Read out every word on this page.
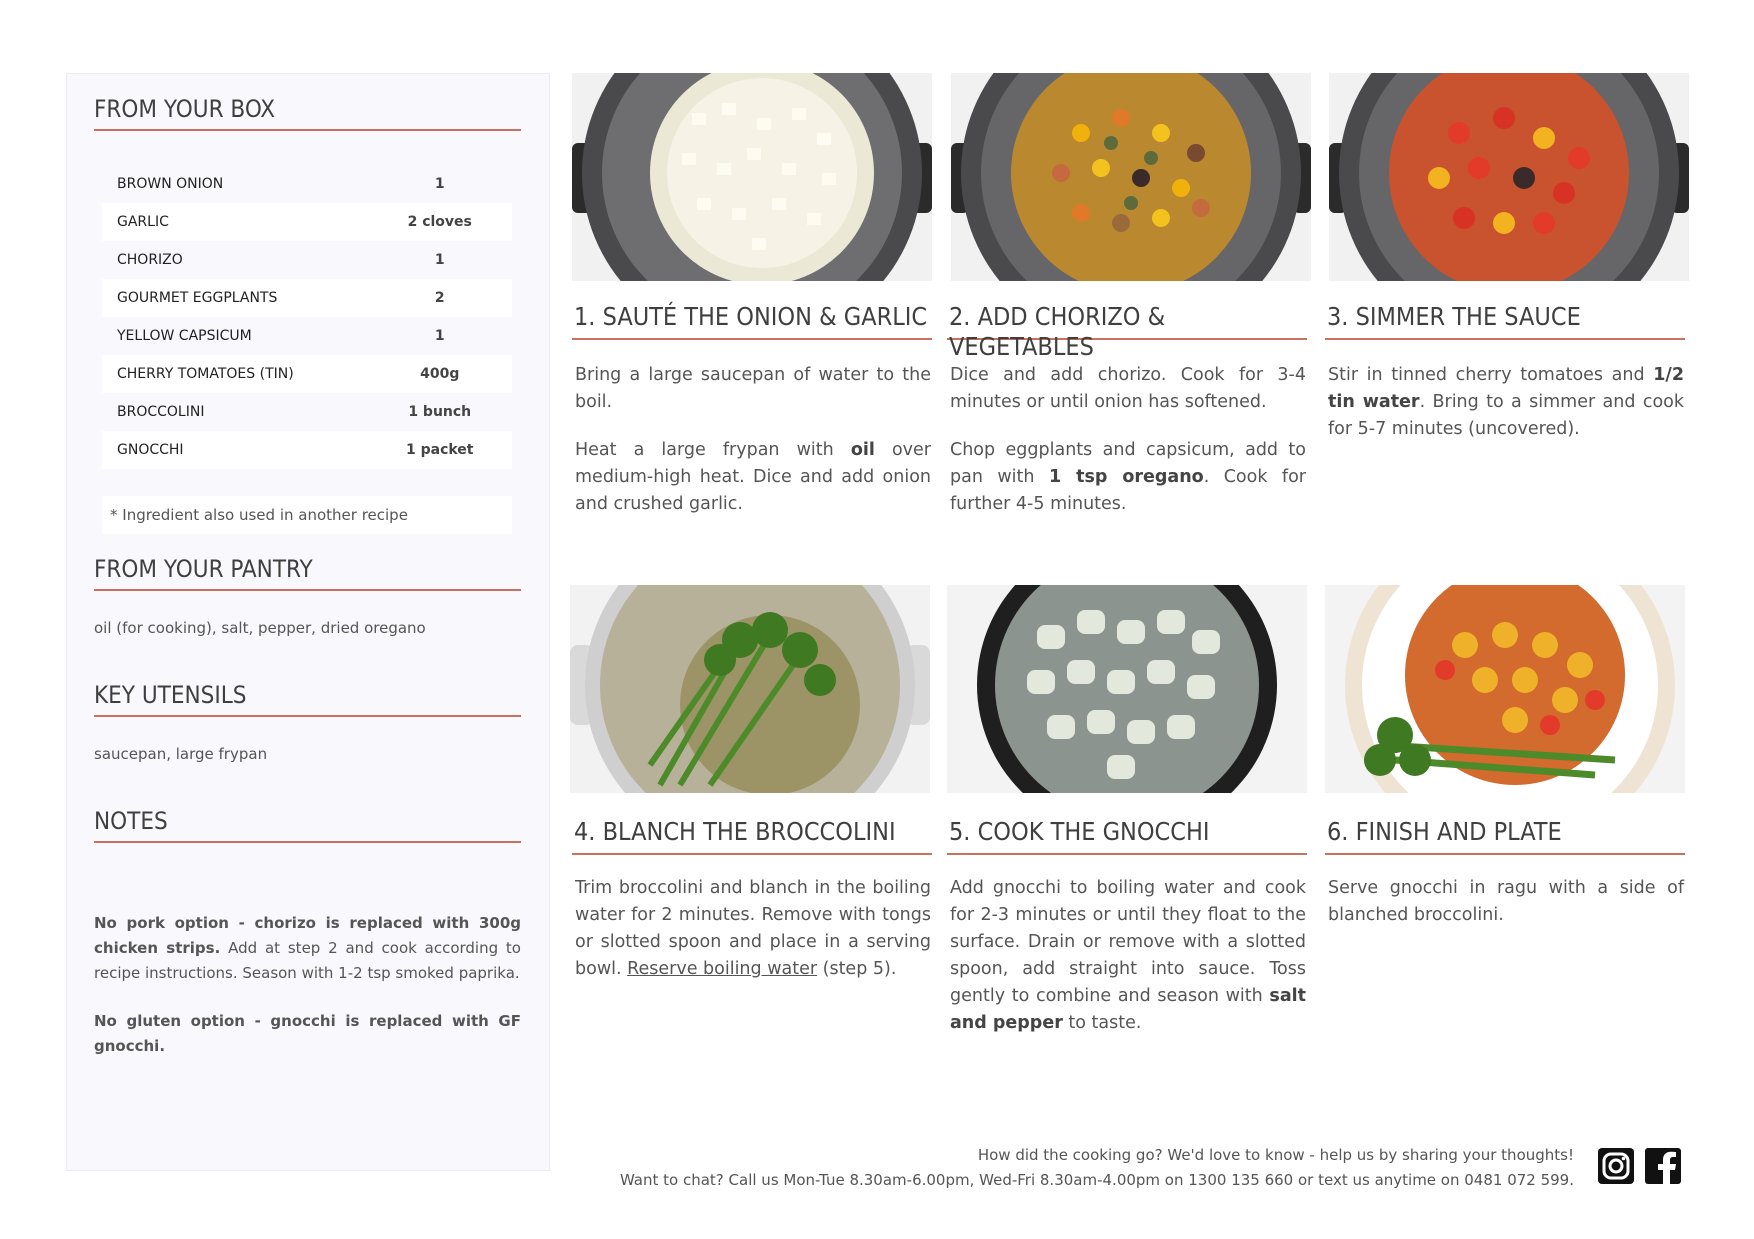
FROM YOUR BOX
BROWN ONION	1
GARLIC	2 cloves
CHORIZO	1
GOURMET EGGPLANTS	2
YELLOW CAPSICUM	1
CHERRY TOMATOES (TIN)	400g
BROCCOLINI	1 bunch
GNOCCHI	1 packet
* Ingredient also used in another recipe
FROM YOUR PANTRY
oil (for cooking), salt, pepper, dried oregano
KEY UTENSILS
saucepan, large frypan
NOTES
No pork option - chorizo is replaced with 300g chicken strips. Add at step 2 and cook according to recipe instructions. Season with 1-2 tsp smoked paprika.
No gluten option - gnocchi is replaced with GF gnocchi.
1. SAUTÉ THE ONION & GARLIC 2. ADD CHORIZO & VEGETABLES
3. SIMMER THE SAUCE
4. BLANCH THE BROCCOLINI	5. COOK THE GNOCCHI	6. FINISH AND PLATE

Bring a large saucepan of water to the boil.

Heat a large frypan with oil over medium-high heat. Dice and add onion and crushed garlic.

Dice and add chorizo. Cook for 3-4 minutes or until onion has softened.

Chop eggplants and capsicum, add to pan with 1 tsp oregano. Cook for further 4-5 minutes.

Stir in tinned cherry tomatoes and 1/2 tin water. Bring to a simmer and cook for 5-7 minutes (uncovered).

Trim broccolini and blanch in the boiling water for 2 minutes. Remove with tongs or slotted spoon and place in a serving bowl. Reserve boiling water (step 5).

Add gnocchi to boiling water and cook for 2-3 minutes or until they float to the surface. Drain or remove with a slotted spoon, add straight into sauce. Toss gently to combine and season with salt and pepper to taste.

Serve gnocchi in ragu with a side of blanched broccolini.

How did the cooking go? We'd love to know - help us by sharing your thoughts!
Want to chat? Call us Mon-Tue 8.30am-6.00pm, Wed-Fri 8.30am-4.00pm on 1300 135 660 or text us anytime on 0481 072 599.
